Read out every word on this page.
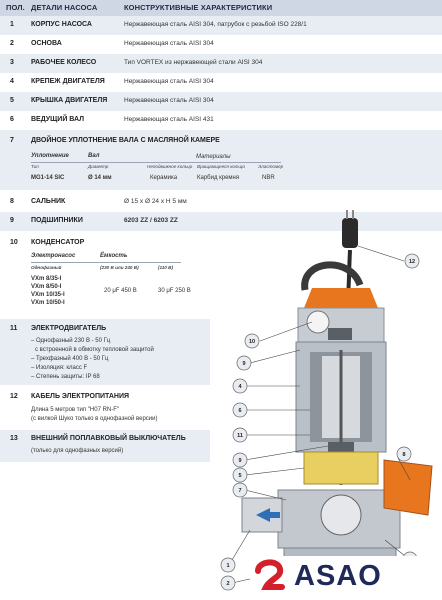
ПОЛ. ДЕТАЛИ НАСОСА	КОНСТРУКТИВНЫЕ ХАРАКТЕРИСТИКИ
1 КОРПУС НАСОСА	Нержавеющая сталь AISI 304, патрубок с резьбой ISO 228/1
2 ОСНОВА	Нержавеющая сталь AISI 304
3 РАБОЧЕЕ КОЛЕСО	Тип VORTEX из нержавеющей стали AISI 304
4 КРЕПЕЖ ДВИГАТЕЛЯ	Нержавеющая сталь AISI 304
5 КРЫШКА ДВИГАТЕЛЯ	Нержавеющая сталь AISI 304
6 ВЕДУЩИЙ ВАЛ	Нержавеющая сталь AISI 431
7 ДВОЙНОЕ УПЛОТНЕНИЕ ВАЛА С МАСЛЯНОЙ КАМЕРЕ
Уплотнение	Вал	Материалы
Тип	Диаметр	Неподвижное кольцо Вращающееся кольцо	Эластомер
MG1-14 SIC	Ø 14 мм	Керамика	Карбид кремня	NBR
8 САЛЬНИК	Ø 15 x Ø 24 x H 5 мм
9 ПОДШИПНИКИ	6203 ZZ / 6203 ZZ
10 КОНДЕНСАТОР
Электронасос	Ёмкость
Однофазный	(230 В или 240 В)	(110 В)
VXm 8/35-I
VXm 8/50-I
VXm 10/35-I
VXm 10/50-I
20 μF 450 В	30 μF 250 В
11 ЭЛЕКТРОДВИГАТЕЛЬ
– Однофазный 230 В - 50 Гц
с встроенной в обмотку тепловой защитой
– Трехфазный 400 В - 50 Гц
– Изоляция: класс F
– Степень защиты: IP 68
12 КАБЕЛЬ ЭЛЕКТРОПИТАНИЯ
Длина 5 метров тип "H07 RN-F"
(с вилкой Шуко только в однофазной версии)
13 ВНЕШНИЙ ПОПЛАВКОВЫЙ ВЫКЛЮЧАТЕЛЬ
(только для однофазных версий)
12
10
9
4
6
11
9
5
7
8
1
2 ASAO
